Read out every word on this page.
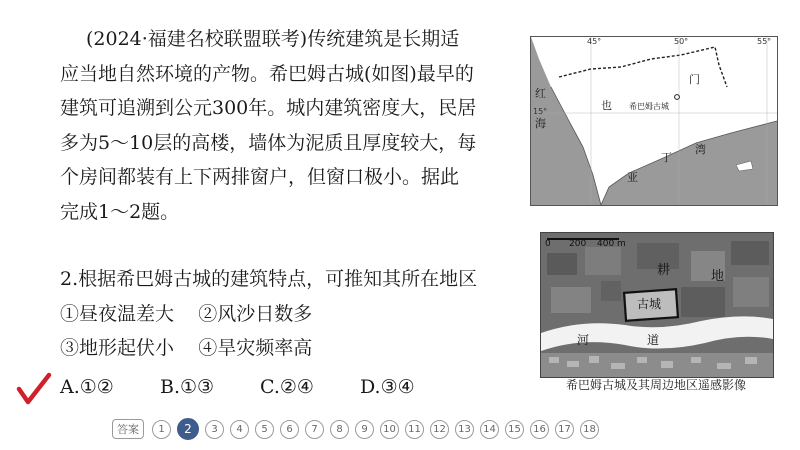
(2024·福建名校联盟联考)传统建筑是长期适

应当地自然环境的产物。希巴姆古城(如图)最早的

建筑可追溯到公元300年。城内建筑密度大，民居

多为5～10层的高楼，墙体为泥质且厚度较大，每

个房间都装有上下两排窗户，但窗口极小。据此

完成1～2题。

2.根据希巴姆古城的建筑特点，可推知其所在地区
①昼夜温差大 ②风沙日数多
③地形起伏小 ④旱灾频率高
A.①②	B.①③	C.②④	D.③④
45°	50°	55°
15°
红
海
也
门
希巴姆古城
亚
丁
湾
0 200 400 m
耕	地
古城
河	道
希巴姆古城及其周边地区遥感影像
答案	1	2	3	4	5	6	7	8	9	10	11	12	13	14	15	16	17	18
